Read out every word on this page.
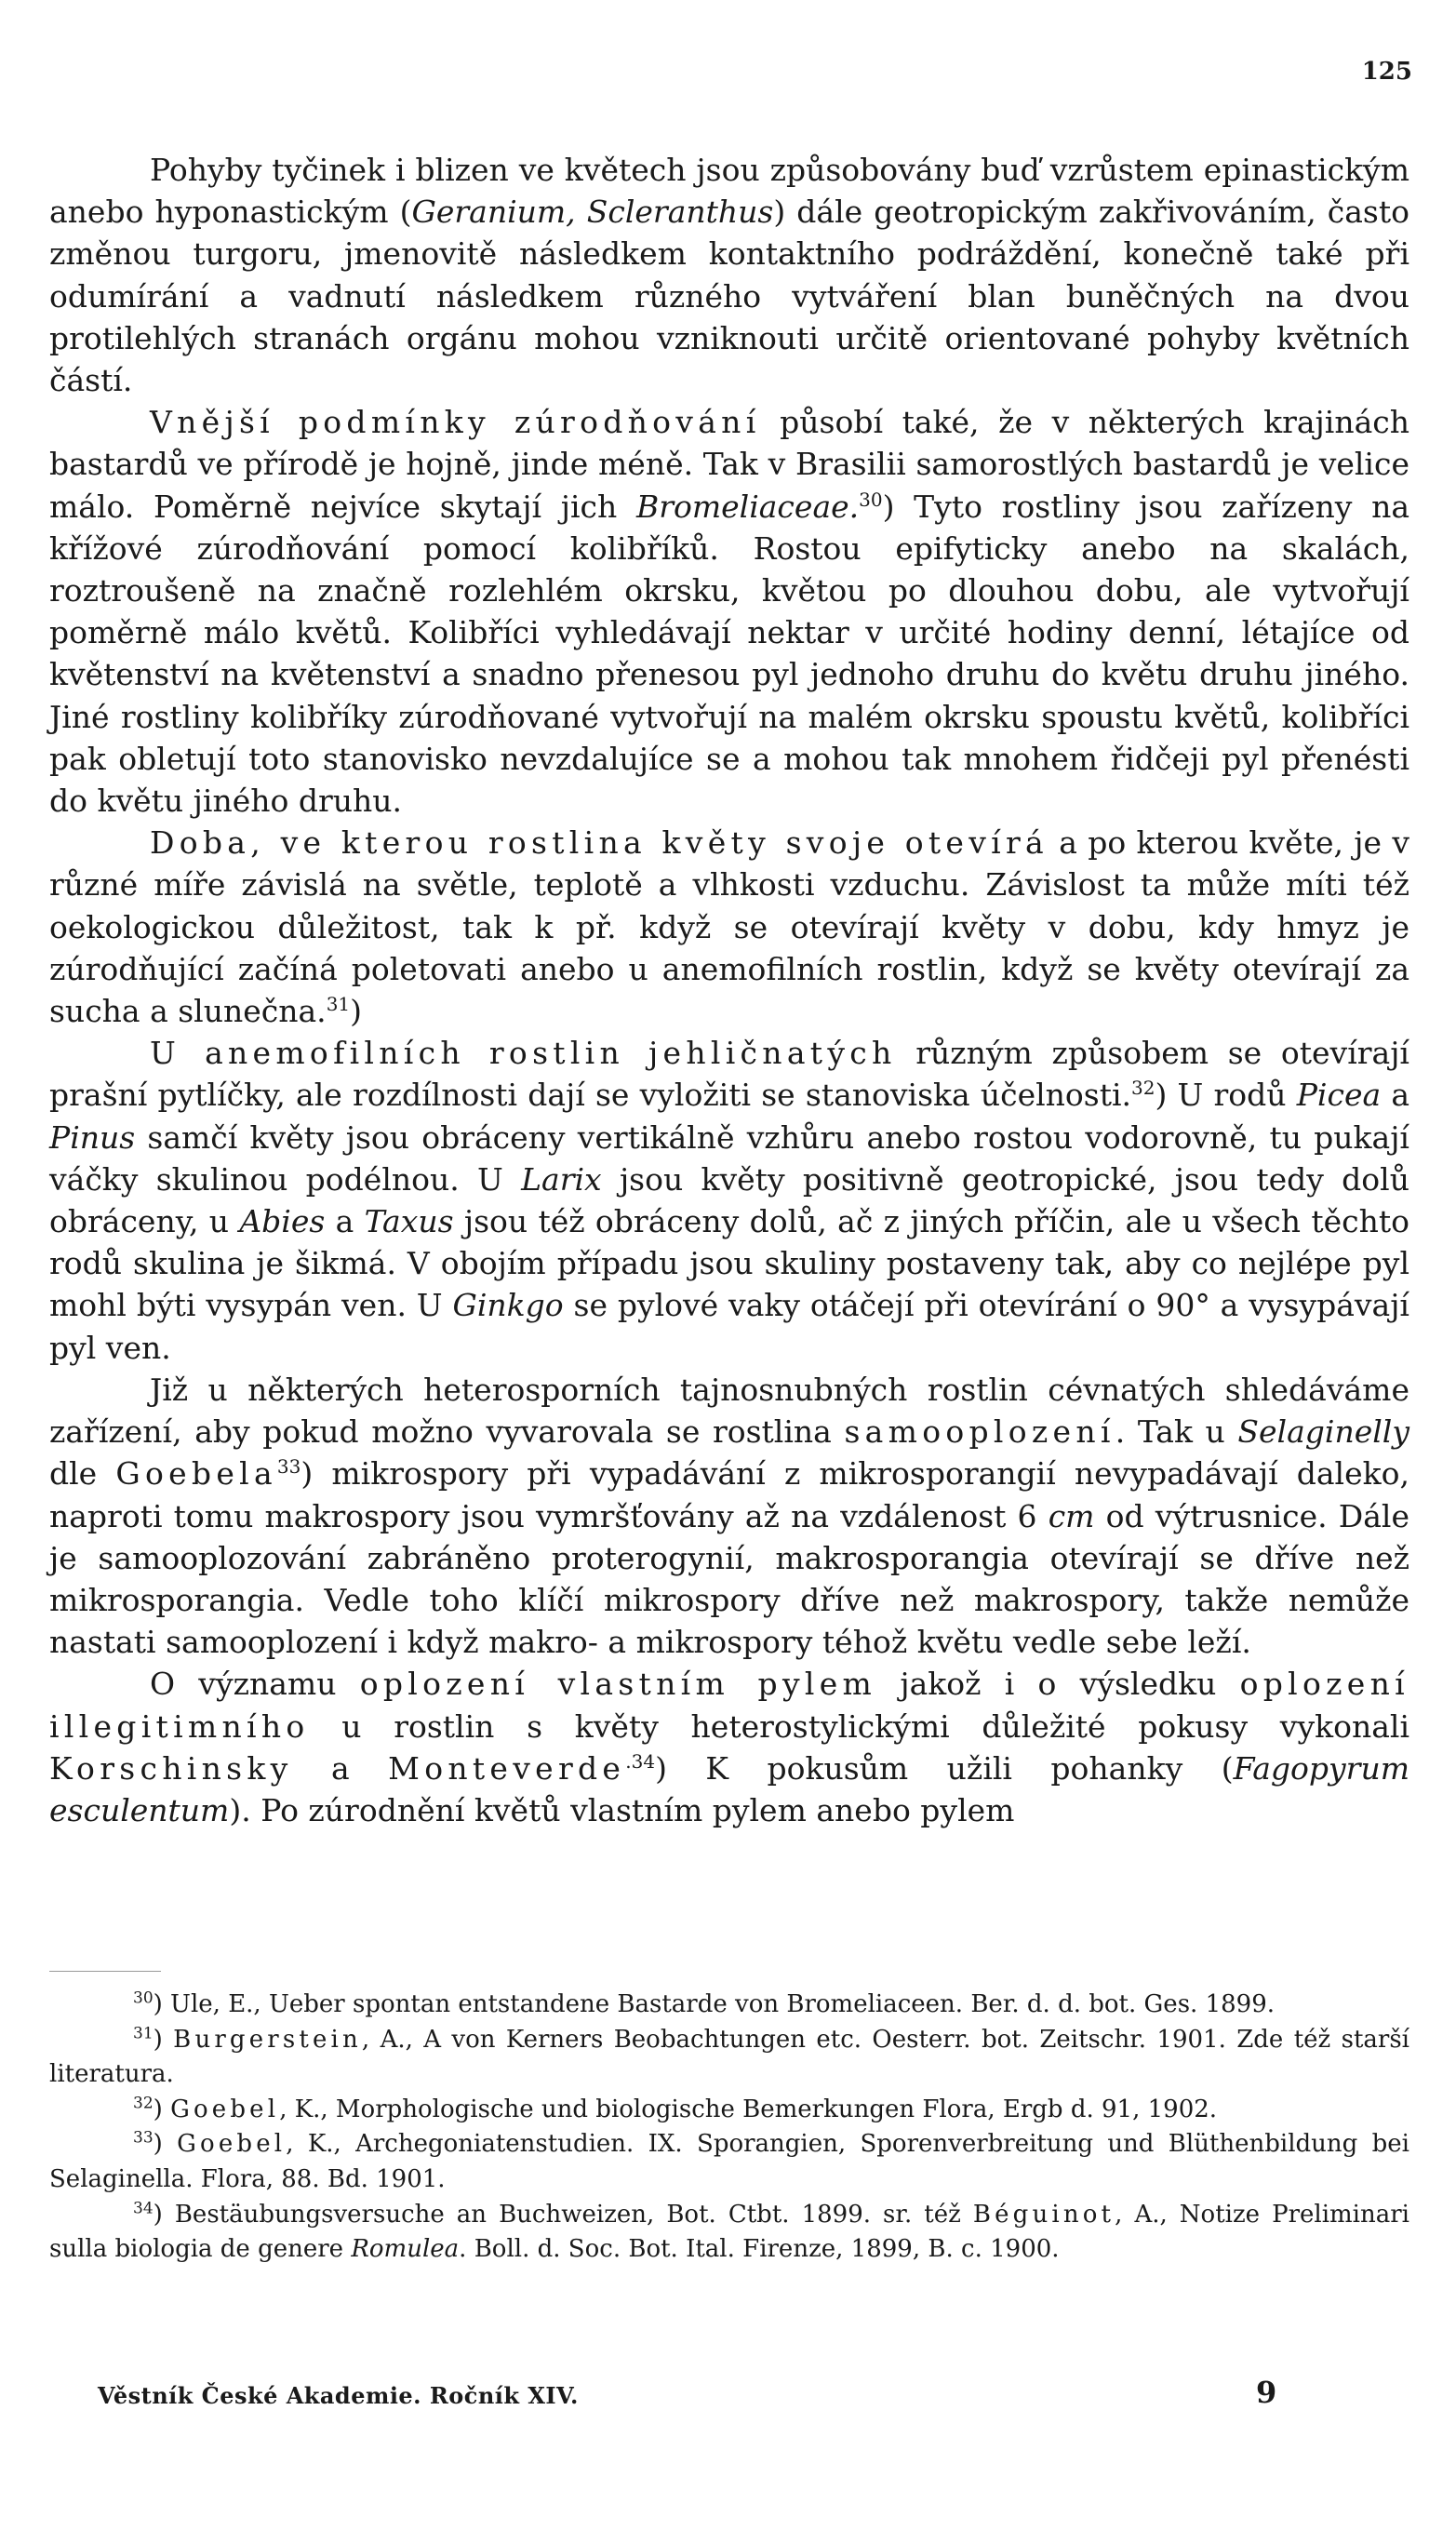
125

Pohyby tyčinek i blizen ve květech jsou způsobovány buď vzrůstem epinastickým anebo hyponastickým (Geranium, Scleranthus) dále geotropickým zakřivováním, často změnou turgoru, jmenovitě následkem kontaktního podráždění, konečně také při odumírání a vadnutí následkem různého vytváření blan buněčných na dvou protilehlých stranách orgánu mohou vzniknouti určitě orientované pohyby květních částí.

Vnější podmínky zúrodňování působí také, že v některých krajinách bastardů ve přírodě je hojně, jinde méně. Tak v Brasilii samorostlých bastardů je velice málo. Poměrně nejvíce skytají jich Bromeliaceae.$^{30}$) Tyto rostliny jsou zařízeny na křížové zúrodňování pomocí kolibříků. Rostou epifyticky anebo na skalách, roztroušeně na značně rozlehlém okrsku, květou po dlouhou dobu, ale vytvořují poměrně málo květů. Kolibříci vyhledávají nektar v určité hodiny denní, létajíce od květenství na květenství a snadno přenesou pyl jednoho druhu do květu druhu jiného. Jiné rostliny kolibříky zúrodňované vytvořují na malém okrsku spoustu květů, kolibříci pak obletují toto stanovisko nevzdalujíce se a mohou tak mnohem řidčeji pyl přenésti do květu jiného druhu.

Doba, ve kterou rostlina květy svoje otevírá a po kterou květe, je v různé míře závislá na světle, teplotě a vlhkosti vzduchu. Závislost ta může míti též oekologickou důležitost, tak k př. když se otevírají květy v dobu, kdy hmyz je zúrodňující začíná poletovati anebo u anemofilních rostlin, když se květy otevírají za sucha a slunečna.$^{31}$)

U anemofilních rostlin jehličnatých různým způsobem se otevírají prašní pytlíčky, ale rozdílnosti dají se vyložiti se stanoviska účelnosti.$^{32}$) U rodů Picea a Pinus samčí květy jsou obráceny vertikálně vzhůru anebo rostou vodorovně, tu pukají váčky skulinou podélnou. U Larix jsou květy positivně geotropické, jsou tedy dolů obráceny, u Abies a Taxus jsou též obráceny dolů, ač z jiných příčin, ale u všech těchto rodů skulina je šikmá. V obojím případu jsou skuliny postaveny tak, aby co nejlépe pyl mohl býti vysypán ven. U Ginkgo se pylové vaky otáčejí při otevírání o 90° a vysypávají pyl ven.

Již u některých heterosporních tajnosnubných rostlin cévnatých shledáváme zařízení, aby pokud možno vyvarovala se rostlina samooplození. Tak u Selaginelly dle Goebela$^{33}$) mikrospory při vypadávání z mikrosporangií nevypadávají daleko, naproti tomu makrospory jsou vymršťovány až na vzdálenost 6 cm od výtrusnice. Dále je samooplozování zabráněno proterogynií, makrosporangia otevírají se dříve než mikrosporangia. Vedle toho klíčí mikrospory dříve než makrospory, takže nemůže nastati samooplození i když makro- a mikrospory téhož květu vedle sebe leží.

O významu oplození vlastním pylem jakož i o výsledku oplození illegitimního u rostlin s květy heterostylickými důležité pokusy vykonali Korschinsky a Monteverde$^{.34}$) K pokusům užili pohanky (Fagopyrum esculentum). Po zúrodnění květů vlastním pylem anebo pylem

$^{30}$) Ule, E., Ueber spontan entstandene Bastarde von Bromeliaceen. Ber. d. d. bot. Ges. 1899.

$^{31}$) Burgerstein, A., A von Kerners Beobachtungen etc. Oesterr. bot. Zeitschr. 1901. Zde též starší literatura.

$^{32}$) Goebel, K., Morphologische und biologische Bemerkungen Flora, Ergb d. 91, 1902.

$^{33}$) Goebel, K., Archegoniatenstudien. IX. Sporangien, Sporenverbreitung und Blüthenbildung bei Selaginella. Flora, 88. Bd. 1901.

$^{34}$) Bestäubungsversuche an Buchweizen, Bot. Ctbt. 1899. sr. též Béguinot, A., Notize Preliminari sulla biologia de genere Romulea. Boll. d. Soc. Bot. Ital. Firenze, 1899, B. c. 1900.

Věstník České Akademie. Ročník XIV.	9
